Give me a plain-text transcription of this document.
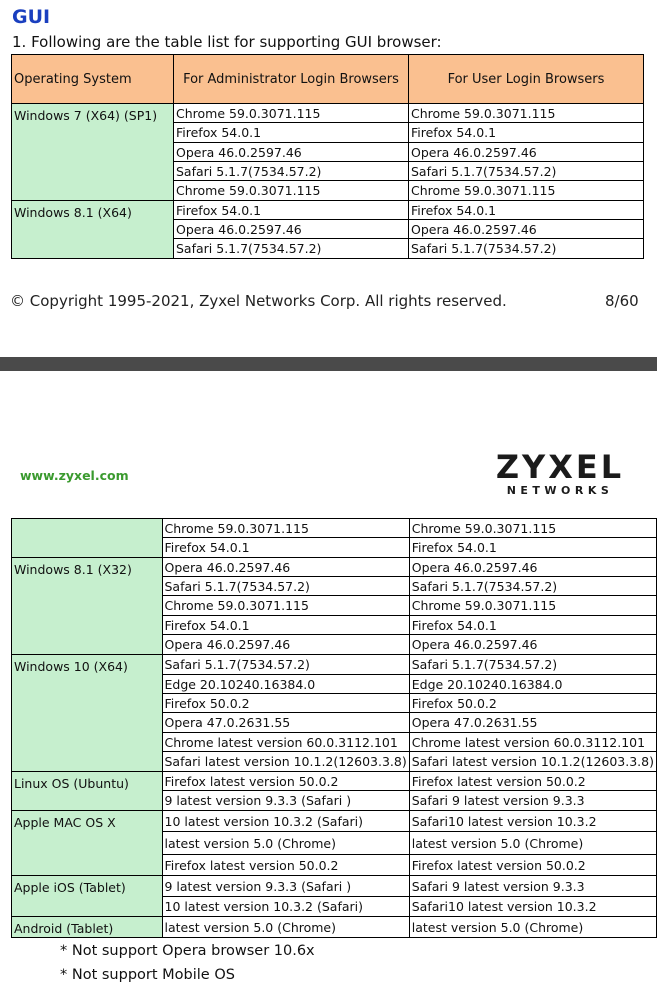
GUI
1. Following are the table list for supporting GUI browser:
Operating System	For Administrator Login Browsers	For User Login Browsers
Windows 7 (X64) (SP1)	Chrome 59.0.3071.115	Chrome 59.0.3071.115
	Firefox 54.0.1	Firefox 54.0.1
	Opera 46.0.2597.46	Opera 46.0.2597.46
	Safari 5.1.7(7534.57.2)	Safari 5.1.7(7534.57.2)
	Chrome 59.0.3071.115	Chrome 59.0.3071.115
Windows 8.1 (X64)	Firefox 54.0.1	Firefox 54.0.1
	Opera 46.0.2597.46	Opera 46.0.2597.46
	Safari 5.1.7(7534.57.2)	Safari 5.1.7(7534.57.2)
© Copyright 1995-2021, Zyxel Networks Corp. All rights reserved.	8/60
www.zyxel.com	ZYXEL
NETWORKS
	Chrome 59.0.3071.115	Chrome 59.0.3071.115
	Firefox 54.0.1	Firefox 54.0.1
Windows 8.1 (X32)	Opera 46.0.2597.46	Opera 46.0.2597.46
	Safari 5.1.7(7534.57.2)	Safari 5.1.7(7534.57.2)
	Chrome 59.0.3071.115	Chrome 59.0.3071.115
	Firefox 54.0.1	Firefox 54.0.1
	Opera 46.0.2597.46	Opera 46.0.2597.46
Windows 10 (X64)	Safari 5.1.7(7534.57.2)	Safari 5.1.7(7534.57.2)
	Edge 20.10240.16384.0	Edge 20.10240.16384.0
	Firefox 50.0.2	Firefox 50.0.2
	Opera 47.0.2631.55	Opera 47.0.2631.55
	Chrome latest version 60.0.3112.101	Chrome latest version 60.0.3112.101
	Safari latest version 10.1.2(12603.3.8)	Safari latest version 10.1.2(12603.3.8)
Linux OS (Ubuntu)	Firefox latest version 50.0.2	Firefox latest version 50.0.2
	9 latest version 9.3.3 (Safari )	Safari 9 latest version 9.3.3
Apple MAC OS X	10 latest version 10.3.2 (Safari)	Safari10 latest version 10.3.2
	latest version 5.0 (Chrome)	latest version 5.0 (Chrome)
	Firefox latest version 50.0.2	Firefox latest version 50.0.2
Apple iOS (Tablet)	9 latest version 9.3.3 (Safari )	Safari 9 latest version 9.3.3
	10 latest version 10.3.2 (Safari)	Safari10 latest version 10.3.2
Android (Tablet)	latest version 5.0 (Chrome)	latest version 5.0 (Chrome)
* Not support Opera browser 10.6x
* Not support Mobile OS
